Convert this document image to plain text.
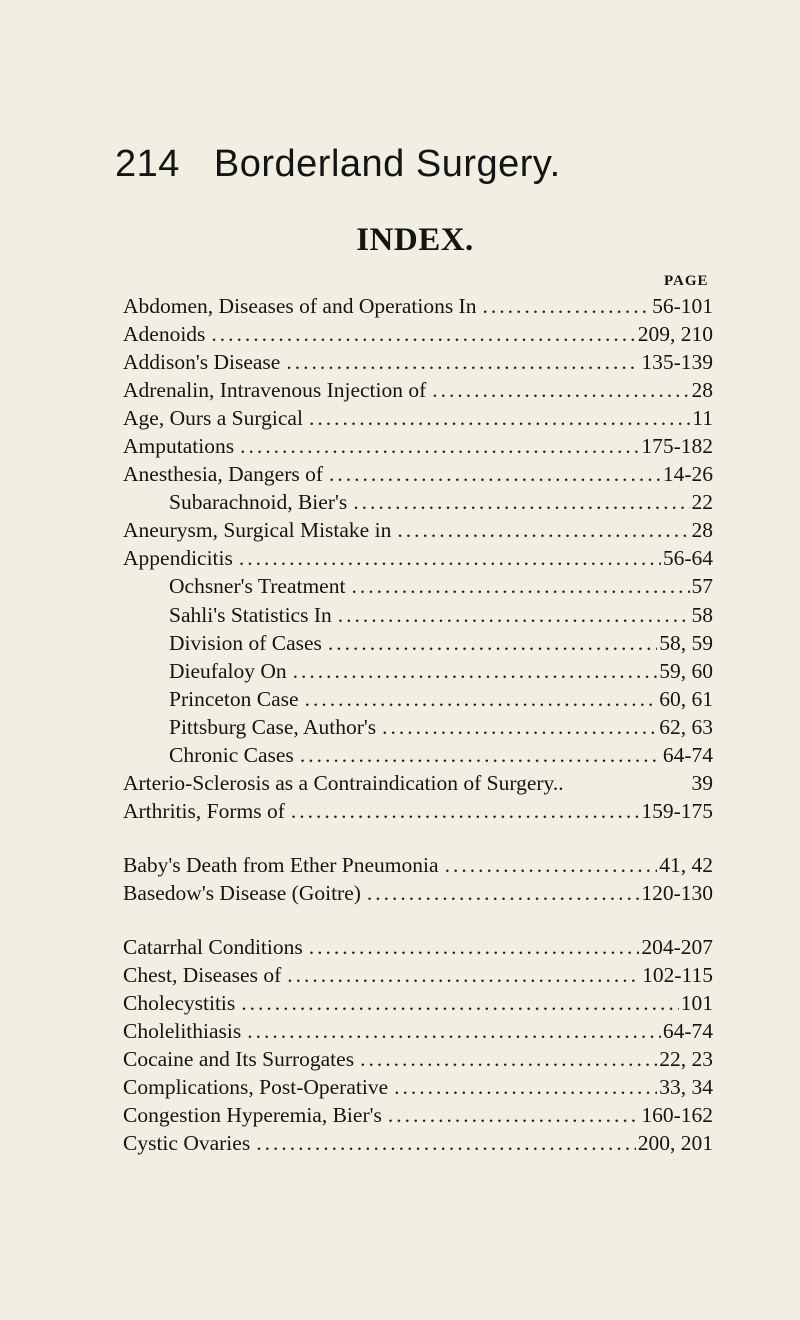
214 Borderland Surgery.
INDEX.
PAGE
Abdomen, Diseases of and Operations In .....	56-101
Adenoids .....	209, 210
Addison's Disease .....	135-139
Adrenalin, Intravenous Injection of .....	28
Age, Ours a Surgical .....	11
Amputations .....	175-182
Anesthesia, Dangers of .....	14-26
Subarachnoid, Bier's .....	22
Aneurysm, Surgical Mistake in .....	28
Appendicitis .....	56-64
Ochsner's Treatment .....	57
Sahli's Statistics In .....	58
Division of Cases .....	58, 59
Dieufaloy On .....	59, 60
Princeton Case .....	60, 61
Pittsburg Case, Author's .....	62, 63
Chronic Cases .....	64-74
Arterio-Sclerosis as a Contraindication of Surgery..	39
Arthritis, Forms of .....	159-175
Baby's Death from Ether Pneumonia .....	41, 42
Basedow's Disease (Goitre) .....	120-130
Catarrhal Conditions .....	204-207
Chest, Diseases of .....	102-115
Cholecystitis .....	101
Cholelithiasis .....	64-74
Cocaine and Its Surrogates .....	22, 23
Complications, Post-Operative .....	33, 34
Congestion Hyperemia, Bier's .....	160-162
Cystic Ovaries .....	200, 201
